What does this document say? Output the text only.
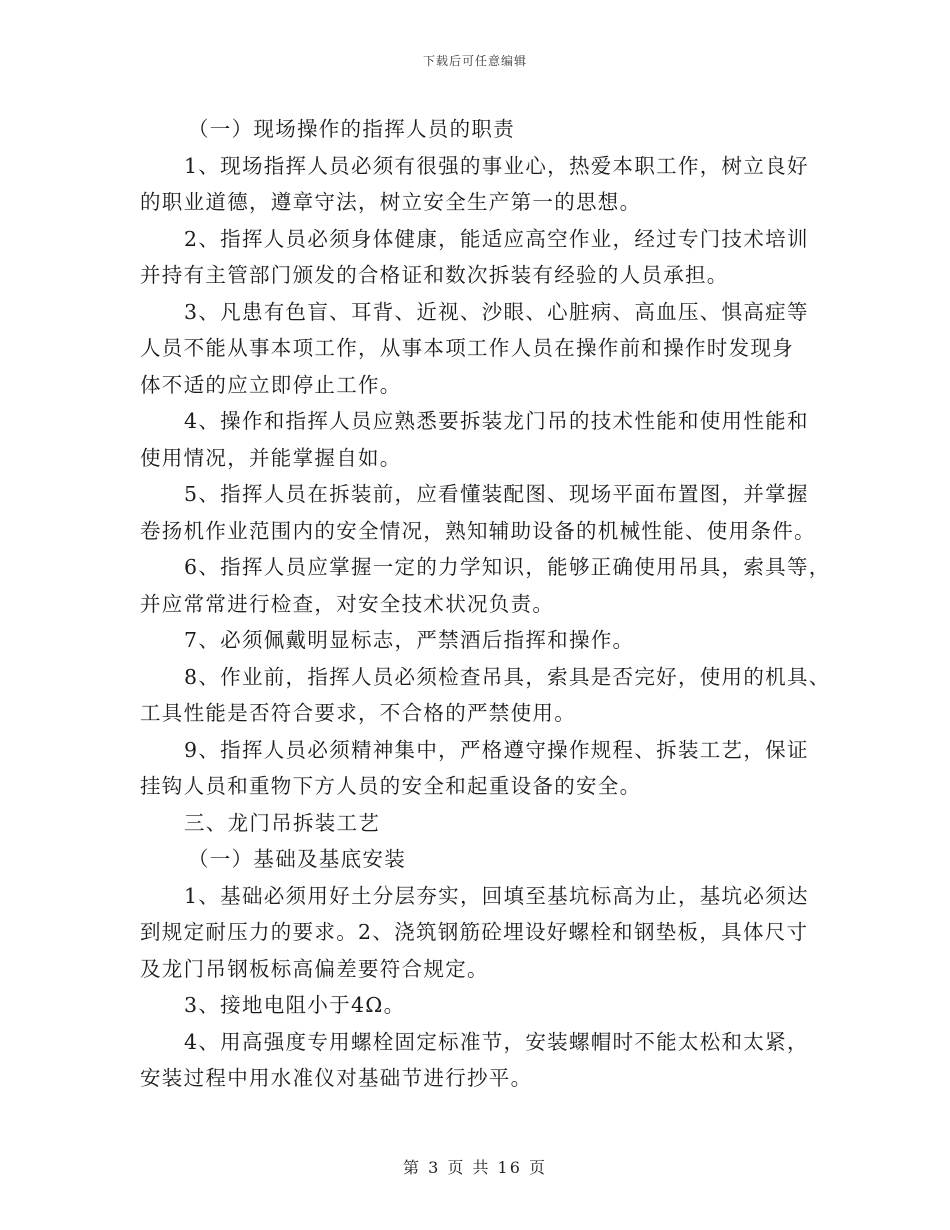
下载后可任意编辑
（一）现场操作的指挥人员的职责
1、现场指挥人员必须有很强的事业心，热爱本职工作，树立良好
的职业道德，遵章守法，树立安全生产第一的思想。
2、指挥人员必须身体健康，能适应高空作业，经过专门技术培训
并持有主管部门颁发的合格证和数次拆装有经验的人员承担。
3、凡患有色盲、耳背、近视、沙眼、心脏病、高血压、惧高症等
人员不能从事本项工作，从事本项工作人员在操作前和操作时发现身
体不适的应立即停止工作。
4、操作和指挥人员应熟悉要拆装龙门吊的技术性能和使用性能和
使用情况，并能掌握自如。
5、指挥人员在拆装前，应看懂装配图、现场平面布置图，并掌握
卷扬机作业范围内的安全情况，熟知辅助设备的机械性能、使用条件。
6、指挥人员应掌握一定的力学知识，能够正确使用吊具，索具等，
并应常常进行检查，对安全技术状况负责。
7、必须佩戴明显标志，严禁酒后指挥和操作。
8、作业前，指挥人员必须检查吊具，索具是否完好，使用的机具、
工具性能是否符合要求，不合格的严禁使用。
9、指挥人员必须精神集中，严格遵守操作规程、拆装工艺，保证
挂钩人员和重物下方人员的安全和起重设备的安全。
三、龙门吊拆装工艺
（一）基础及基底安装
1、基础必须用好土分层夯实，回填至基坑标高为止，基坑必须达
到规定耐压力的要求。2、浇筑钢筋砼埋设好螺栓和钢垫板，具体尺寸
及龙门吊钢板标高偏差要符合规定。
3、接地电阻小于4Ω。
4、用高强度专用螺栓固定标准节，安装螺帽时不能太松和太紧，
安装过程中用水准仪对基础节进行抄平。
第 3 页 共 16 页
